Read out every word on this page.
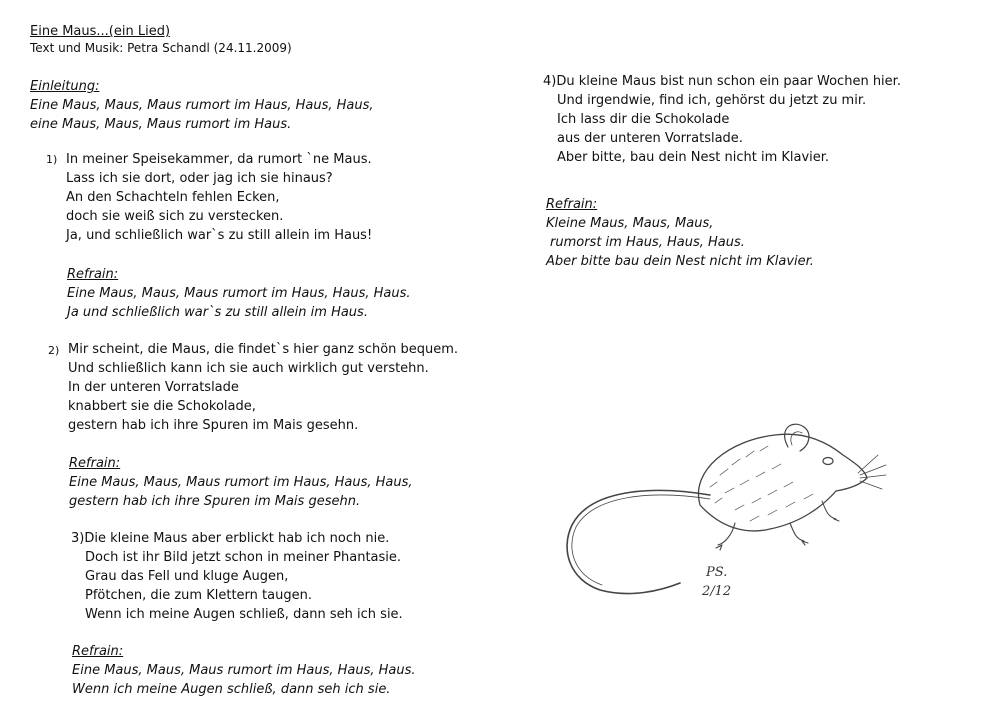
Eine Maus...(ein Lied)
Text und Musik: Petra Schandl (24.11.2009)

Einleitung:

Eine Maus, Maus, Maus rumort im Haus, Haus, Haus,

eine Maus, Maus, Maus rumort im Haus.

1) In meiner Speisekammer, da rumort `ne Maus.

Lass ich sie dort, oder jag ich sie hinaus?

An den Schachteln fehlen Ecken,

doch sie weiß sich zu verstecken.

Ja, und schließlich war`s zu still allein im Haus!

Refrain:

Eine Maus, Maus, Maus rumort im Haus, Haus, Haus.

Ja und schließlich war`s zu still allein im Haus.

2) Mir scheint, die Maus, die findet`s hier ganz schön bequem.

Und schließlich kann ich sie auch wirklich gut verstehn.

In der unteren Vorratslade

knabbert sie die Schokolade,

gestern hab ich ihre Spuren im Mais gesehn.

Refrain:

Eine Maus, Maus, Maus rumort im Haus, Haus, Haus,

gestern hab ich ihre Spuren im Mais gesehn.

3)Die kleine Maus aber erblickt hab ich noch nie.

Doch ist ihr Bild jetzt schon in meiner Phantasie.

Grau das Fell und kluge Augen,

Pfötchen, die zum Klettern taugen.

Wenn ich meine Augen schließ, dann seh ich sie.

Refrain:

Eine Maus, Maus, Maus rumort im Haus, Haus, Haus.

Wenn ich meine Augen schließ, dann seh ich sie.

4)Du kleine Maus bist nun schon ein paar Wochen hier.

Und irgendwie, find ich, gehörst du jetzt zu mir.

Ich lass dir die Schokolade

aus der unteren Vorratslade.

Aber bitte, bau dein Nest nicht im Klavier.

Refrain:

Kleine Maus, Maus, Maus,

rumorst im Haus, Haus, Haus.

Aber bitte bau dein Nest nicht im Klavier.

PS.

2/12
